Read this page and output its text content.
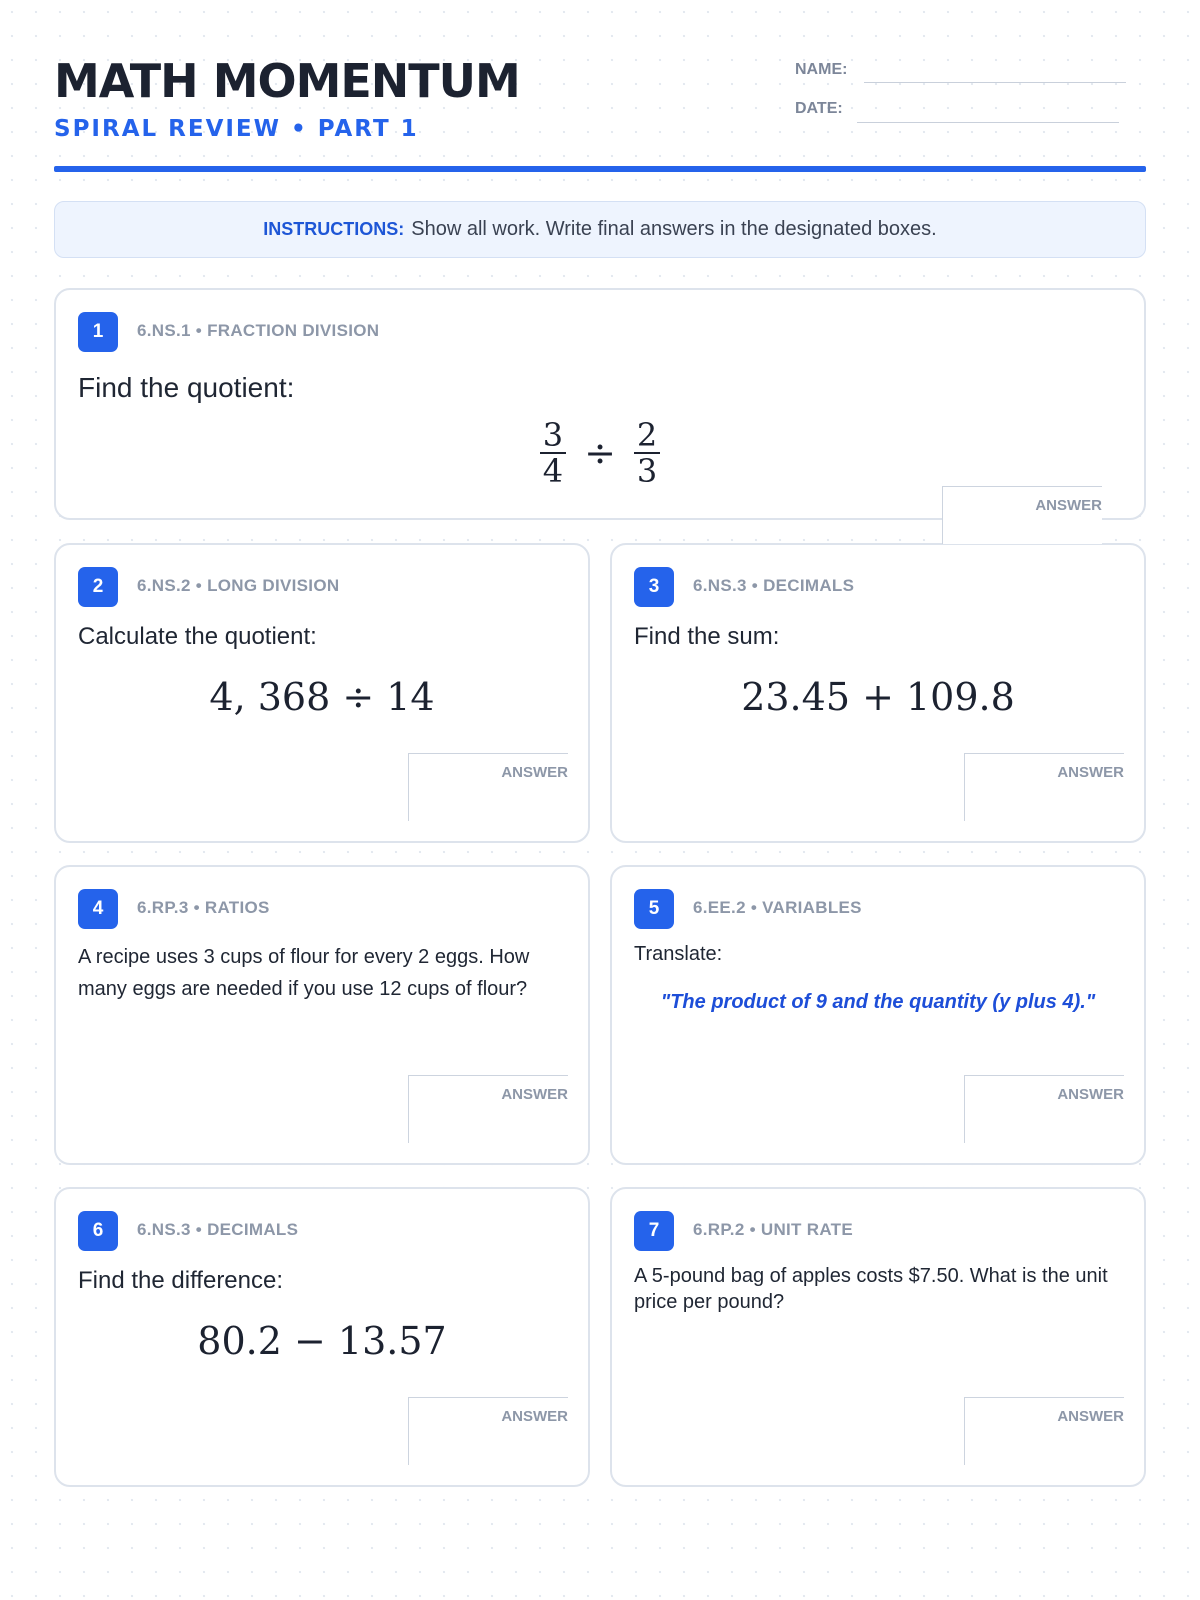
MATH MOMENTUM
SPIRAL REVIEW • PART 1
NAME:
DATE:
INSTRUCTIONS: Show all work. Write final answers in the designated boxes.
1	6.NS.1 • FRACTION DIVISION
Find the quotient:
$\frac{3}{4} \div \frac{2}{3}$
ANSWER
2	6.NS.2 • LONG DIVISION
Calculate the quotient:
4, 368 ÷ 14
ANSWER
3	6.NS.3 • DECIMALS
Find the sum:
23.45 + 109.8
ANSWER
4	6.RP.3 • RATIOS
A recipe uses 3 cups of flour for every 2 eggs. How many eggs are needed if you use 12 cups of flour?
ANSWER
5	6.EE.2 • VARIABLES
Translate:
"The product of 9 and the quantity (y plus 4)."
ANSWER
6	6.NS.3 • DECIMALS
Find the difference:
80.2 − 13.57
ANSWER
7	6.RP.2 • UNIT RATE
A 5-pound bag of apples costs $7.50. What is the unit price per pound?
ANSWER
